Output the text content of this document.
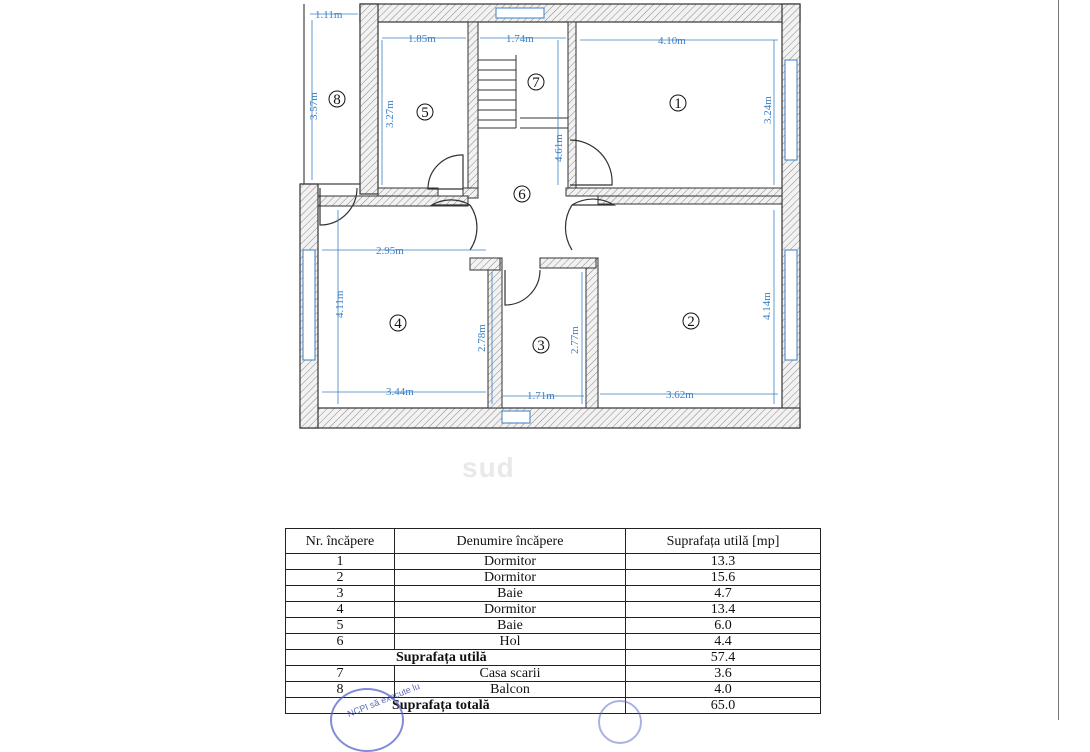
sud
1.11m
1.85m	1.74m	4.10m
3.57m	3.27m	3.24m
4.61m
2.95m
4.11m
2.78m	2.77m
4.14m
3.44m	1.71m	3.62m
1
2
3
4
5
6
7
8
Nr. încăpere	Denumire încăpere	Suprafața utilă [mp]
1	Dormitor	13.3
2	Dormitor	15.6
3	Baie	4.7
4	Dormitor	13.4
5	Baie	6.0
6	Hol	4.4
Suprafața utilă		57.4
7	Casa scarii	3.6
8	Balcon	4.0
Suprafața totală		65.0
NCPI să execute lu
